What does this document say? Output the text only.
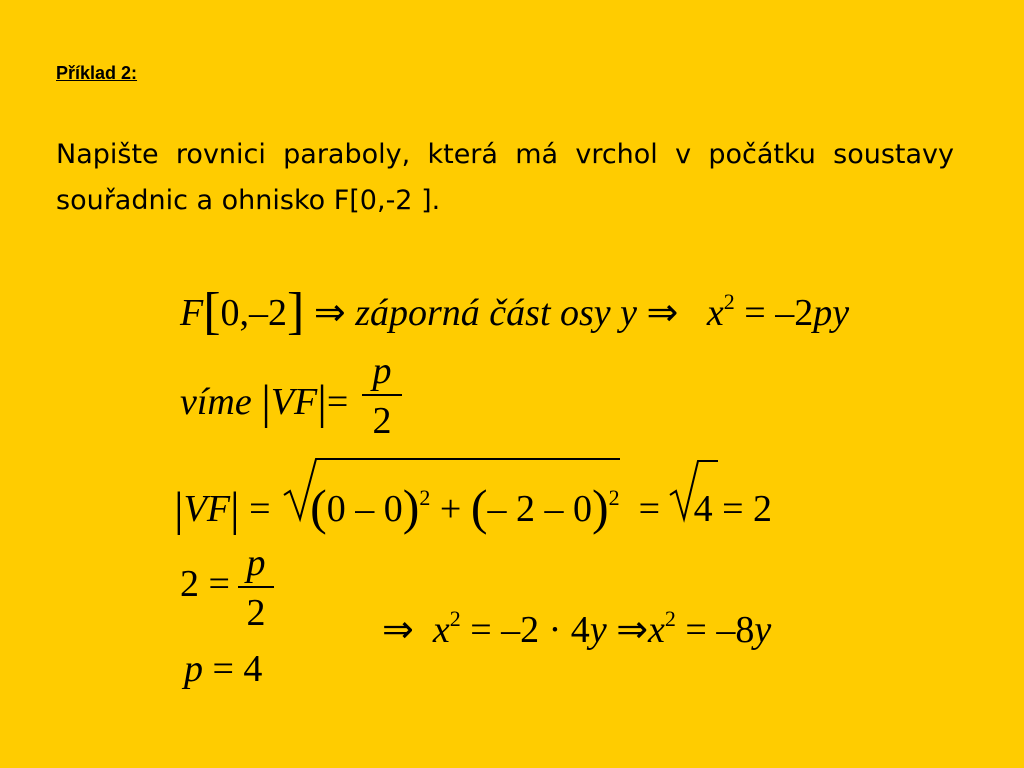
Příklad 2:

Napište rovnici paraboly, která má vrchol v počátku soustavy souřadnic a ohnisko F[0,-2 ].

F[0,–2] ⇒ záporná část osy y ⇒ $x^2 = -2py$
víme |VF|=
p
2
|VF| = (0 – 0)$^2$ + (– 2 – 0)$^2$ = 4 = 2
2 = p
2	⇒ $x^2 = -2 \cdot 4y$ $\Rightarrow x^2 = -8y$
p = 4
